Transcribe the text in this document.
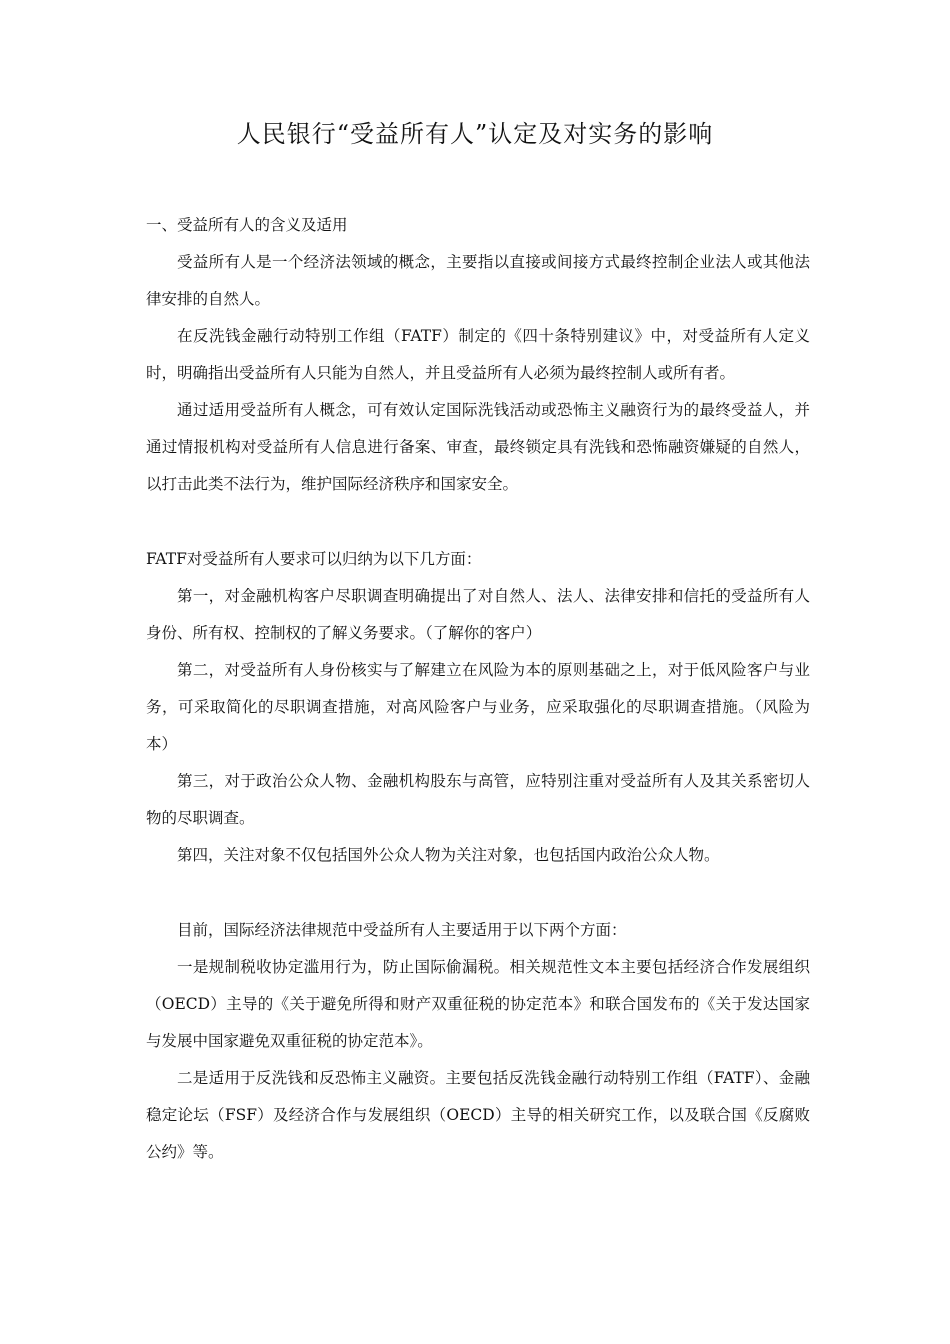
人民银行“受益所有人”认定及对实务的影响

一、受益所有人的含义及适用

受益所有人是一个经济法领域的概念，主要指以直接或间接方式最终控制企业法人或其他法律安排的自然人。

在反洗钱金融行动特别工作组（FATF）制定的《四十条特别建议》中，对受益所有人定义时，明确指出受益所有人只能为自然人，并且受益所有人必须为最终控制人或所有者。

通过适用受益所有人概念，可有效认定国际洗钱活动或恐怖主义融资行为的最终受益人，并通过情报机构对受益所有人信息进行备案、审查，最终锁定具有洗钱和恐怖融资嫌疑的自然人，以打击此类不法行为，维护国际经济秩序和国家安全。

FATF对受益所有人要求可以归纳为以下几方面：

第一，对金融机构客户尽职调查明确提出了对自然人、法人、法律安排和信托的受益所有人身份、所有权、控制权的了解义务要求。（了解你的客户）

第二，对受益所有人身份核实与了解建立在风险为本的原则基础之上，对于低风险客户与业务，可采取简化的尽职调查措施，对高风险客户与业务，应采取强化的尽职调查措施。（风险为本）

第三，对于政治公众人物、金融机构股东与高管，应特别注重对受益所有人及其关系密切人物的尽职调查。

第四，关注对象不仅包括国外公众人物为关注对象，也包括国内政治公众人物。

目前，国际经济法律规范中受益所有人主要适用于以下两个方面：

一是规制税收协定滥用行为，防止国际偷漏税。相关规范性文本主要包括经济合作发展组织（OECD）主导的《关于避免所得和财产双重征税的协定范本》和联合国发布的《关于发达国家与发展中国家避免双重征税的协定范本》。

二是适用于反洗钱和反恐怖主义融资。主要包括反洗钱金融行动特别工作组（FATF）、金融稳定论坛（FSF）及经济合作与发展组织（OECD）主导的相关研究工作，以及联合国《反腐败公约》等。
